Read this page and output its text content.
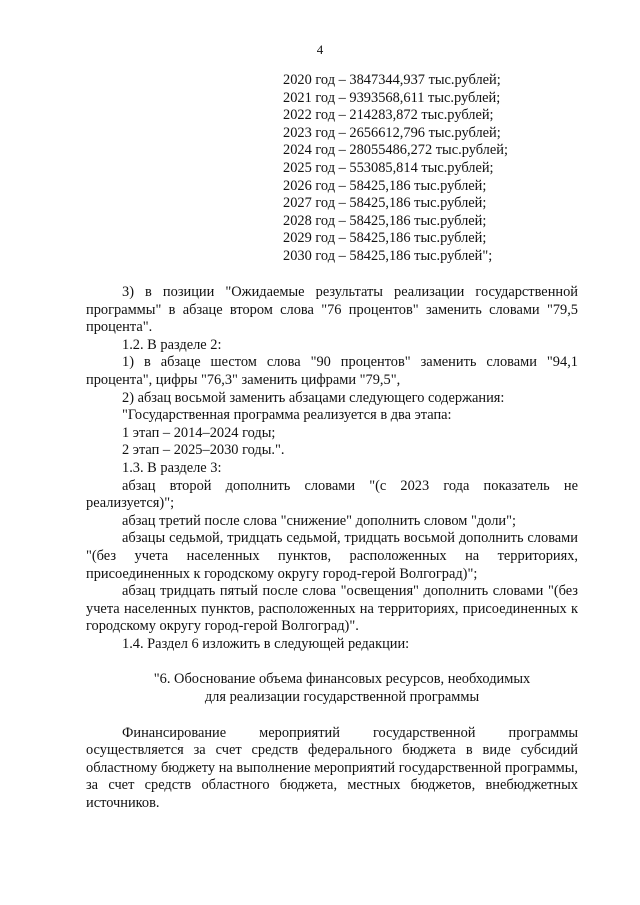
4
2020 год – 3847344,937 тыс.рублей;
2021 год – 9393568,611 тыс.рублей;
2022 год – 214283,872 тыс.рублей;
2023 год – 2656612,796 тыс.рублей;
2024 год – 28055486,272 тыс.рублей;
2025 год – 553085,814 тыс.рублей;
2026 год – 58425,186 тыс.рублей;
2027 год – 58425,186 тыс.рублей;
2028 год – 58425,186 тыс.рублей;
2029 год – 58425,186 тыс.рублей;
2030 год – 58425,186 тыс.рублей";

3) в позиции "Ожидаемые результаты реализации государственной программы" в абзаце втором слова "76 процентов" заменить словами "79,5 процента".

1.2. В разделе 2:

1) в абзаце шестом слова "90 процентов" заменить словами "94,1 процента", цифры "76,3" заменить цифрами "79,5",

2) абзац восьмой заменить абзацами следующего содержания:

"Государственная программа реализуется в два этапа:

1 этап – 2014–2024 годы;

2 этап – 2025–2030 годы.".

1.3. В разделе 3:

абзац второй дополнить словами "(с 2023 года показатель не реализуется)";

абзац третий после слова "снижение" дополнить словом "доли";

абзацы седьмой, тридцать седьмой, тридцать восьмой дополнить словами "(без учета населенных пунктов, расположенных на территориях, присоединенных к городскому округу город-герой Волгоград)";

абзац тридцать пятый после слова "освещения" дополнить словами "(без учета населенных пунктов, расположенных на территориях, присоединенных к городскому округу город-герой Волгоград)".

1.4. Раздел 6 изложить в следующей редакции:

"6. Обоснование объема финансовых ресурсов, необходимых
для реализации государственной программы

Финансирование мероприятий государственной программы осуществляется за счет средств федерального бюджета в виде субсидий областному бюджету на выполнение мероприятий государственной программы, за счет средств областного бюджета, местных бюджетов, внебюджетных источников.
